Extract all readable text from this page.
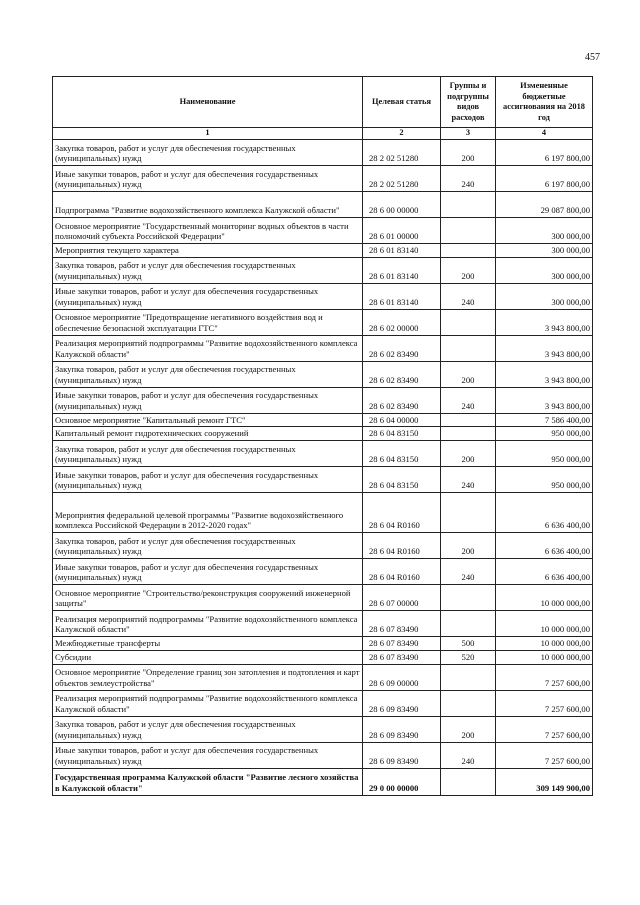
457
Наименование	Целевая статья	Группы и подгруппы видов расходов	Измененные бюджетные ассигнования на 2018 год
1	2	3	4
Закупка товаров, работ и услуг для обеспечения государственных (муниципальных) нужд	28 2 02 51280	200	6 197 800,00
Иные закупки товаров, работ и услуг для обеспечения государственных (муниципальных) нужд	28 2 02 51280	240	6 197 800,00
Подпрограмма "Развитие водохозяйственного комплекса Калужской области"	28 6 00 00000		29 087 800,00
Основное мероприятие "Государственный мониторинг водных объектов в части полномочий субъекта Российской Федерации"	28 6 01 00000		300 000,00
Мероприятия текущего характера	28 6 01 83140		300 000,00
Закупка товаров, работ и услуг для обеспечения государственных (муниципальных) нужд	28 6 01 83140	200	300 000,00
Иные закупки товаров, работ и услуг для обеспечения государственных (муниципальных) нужд	28 6 01 83140	240	300 000,00
Основное мероприятие "Предотвращение негативного воздействия вод и обеспечение безопасной эксплуатации ГТС"	28 6 02 00000		3 943 800,00
Реализация мероприятий подпрограммы "Развитие водохозяйственного комплекса Калужской области"	28 6 02 83490		3 943 800,00
Закупка товаров, работ и услуг для обеспечения государственных (муниципальных) нужд	28 6 02 83490	200	3 943 800,00
Иные закупки товаров, работ и услуг для обеспечения государственных (муниципальных) нужд	28 6 02 83490	240	3 943 800,00
Основное мероприятие "Капитальный ремонт ГТС"	28 6 04 00000		7 586 400,00
Капитальный ремонт гидротехнических сооружений	28 6 04 83150		950 000,00
Закупка товаров, работ и услуг для обеспечения государственных (муниципальных) нужд	28 6 04 83150	200	950 000,00
Иные закупки товаров, работ и услуг для обеспечения государственных (муниципальных) нужд	28 6 04 83150	240	950 000,00
Мероприятия федеральной целевой программы "Развитие водохозяйственного комплекса Российской Федерации в 2012-2020 годах"	28 6 04 R0160		6 636 400,00
Закупка товаров, работ и услуг для обеспечения государственных (муниципальных) нужд	28 6 04 R0160	200	6 636 400,00
Иные закупки товаров, работ и услуг для обеспечения государственных (муниципальных) нужд	28 6 04 R0160	240	6 636 400,00
Основное мероприятие "Строительство/реконструкция сооружений инженерной защиты"	28 6 07 00000		10 000 000,00
Реализация мероприятий подпрограммы "Развитие водохозяйственного комплекса Калужской области"	28 6 07 83490		10 000 000,00
Межбюджетные трансферты	28 6 07 83490	500	10 000 000,00
Субсидии	28 6 07 83490	520	10 000 000,00
Основное мероприятие "Определение границ зон затопления и подтопления и карт объектов землеустройства"	28 6 09 00000		7 257 600,00
Реализация мероприятий подпрограммы "Развитие водохозяйственного комплекса Калужской области"	28 6 09 83490		7 257 600,00
Закупка товаров, работ и услуг для обеспечения государственных (муниципальных) нужд	28 6 09 83490	200	7 257 600,00
Иные закупки товаров, работ и услуг для обеспечения государственных (муниципальных) нужд	28 6 09 83490	240	7 257 600,00
Государственная программа Калужской области "Развитие лесного хозяйства в Калужской области"	29 0 00 00000		309 149 900,00
